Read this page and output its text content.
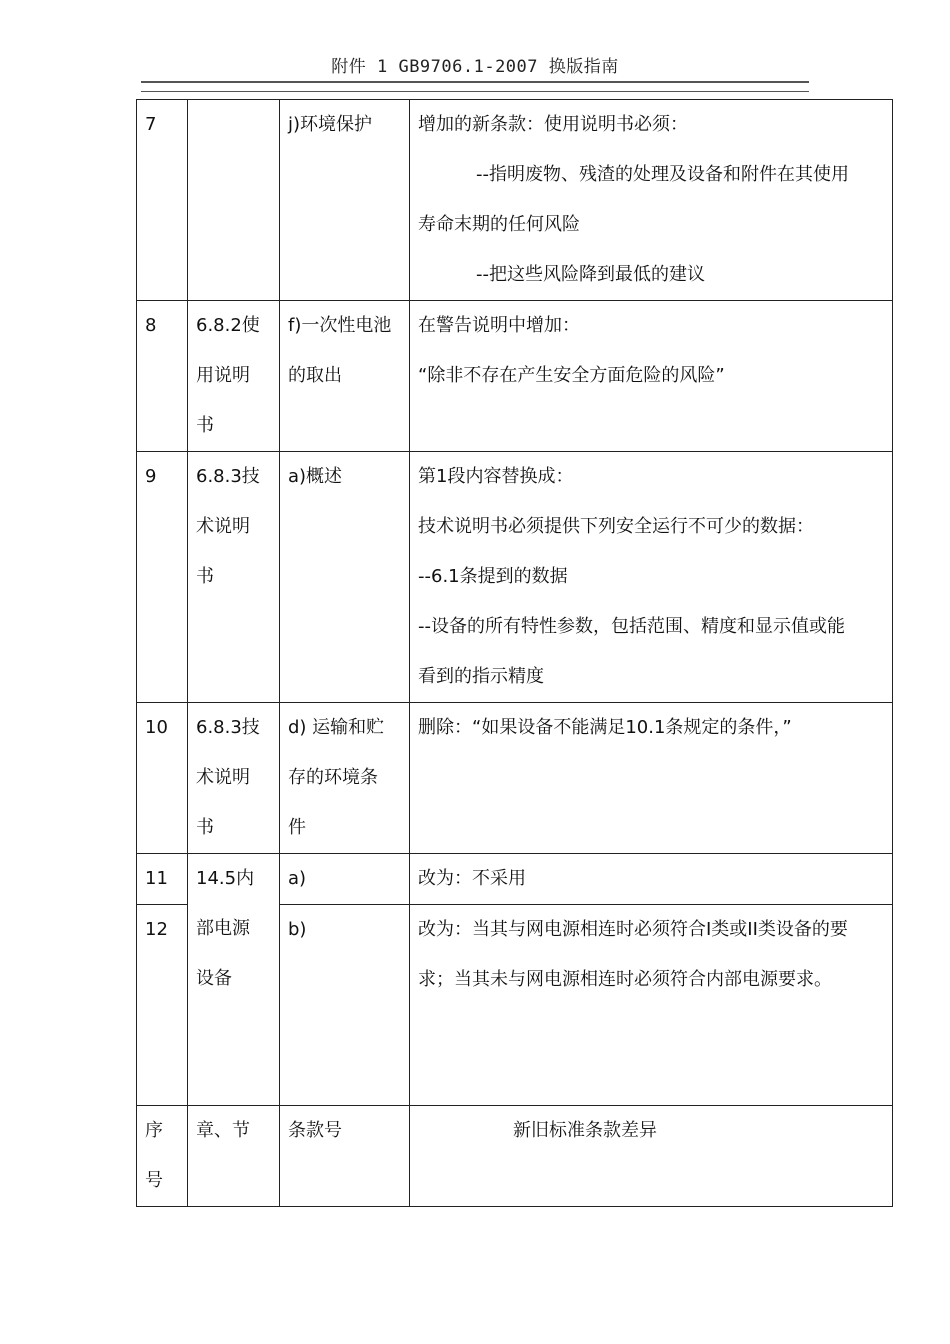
附件 1 GB9706.1-2007 换版指南
7		j)环境保护	增加的新条款：使用说明书必须：
--指明废物、残渣的处理及设备和附件在其使用
寿命末期的任何风险
--把这些风险降到最低的建议

8	6.8.2使
用说明
书	f)一次性电池
的取出	在警告说明中增加：
“除非不存在产生安全方面危险的风险”

9	6.8.3技
术说明
书	a)概述	第1段内容替换成：
技术说明书必须提供下列安全运行不可少的数据：
--6.1条提到的数据
--设备的所有特性参数，包括范围、精度和显示值或能
看到的指示精度

10	6.8.3技
术说明
书	d) 运输和贮
存的环境条
件	删除：“如果设备不能满足10.1条规定的条件，”

11	14.5内
部电源
设备	a)	改为：不采用

12		b)	改为：当其与网电源相连时必须符合I类或II类设备的要
求；当其未与网电源相连时必须符合内部电源要求。

序
号	章、节	条款号	新旧标准条款差异
